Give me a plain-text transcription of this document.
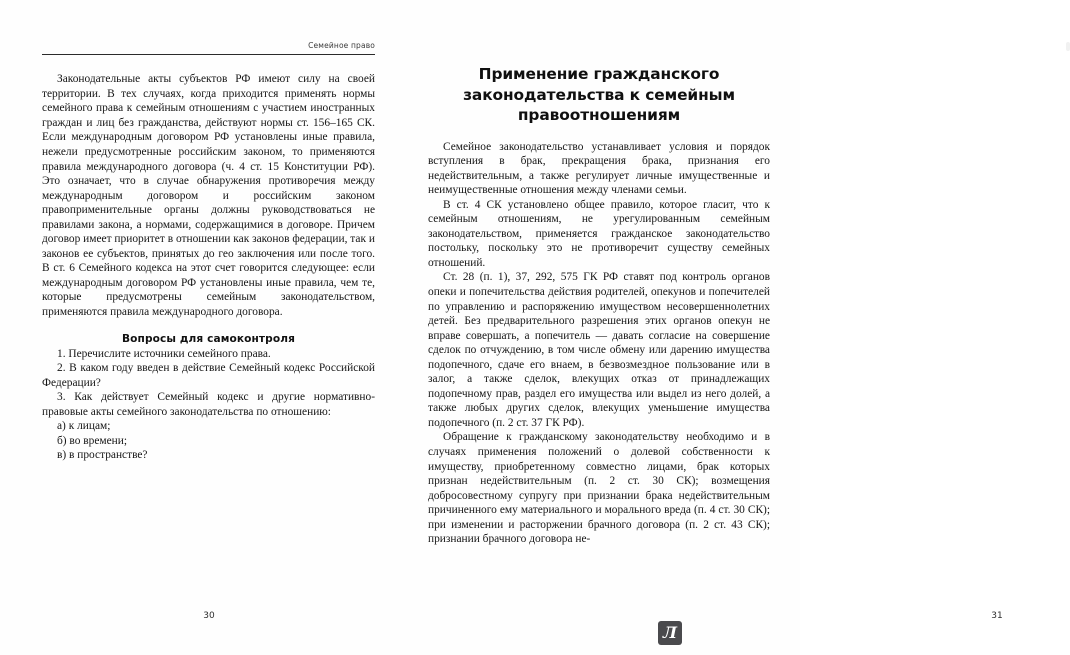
Семейное право

Законодательные акты субъектов РФ имеют силу на своей территории. В тех случаях, когда приходится применять нормы семейного права к семейным отношениям с участием иностранных граждан и лиц без гражданства, действуют нормы ст. 156–165 СК. Если международным договором РФ установлены иные правила, нежели предусмотренные российским законом, то применяются правила международного договора (ч. 4 ст. 15 Конституции РФ). Это означает, что в случае обнаружения противоречия между международным договором и российским законом правоприменительные органы должны руководствоваться не правилами закона, а нормами, содержащимися в договоре. Причем договор имеет приоритет в отношении как законов федерации, так и законов ее субъектов, принятых до гео заключения или после того. В ст. 6 Семейного кодекса на этот счет говорится следующее: если международным договором РФ установлены иные правила, чем те, которые предусмотрены семейным законодательством, применяются правила международного договора.

Вопросы для самоконтроля

1. Перечислите источники семейного права.

2. В каком году введен в действие Семейный кодекс Российской Федерации?

3. Как действует Семейный кодекс и другие нормативно-правовые акты семейного законодательства по отношению:

а) к лицам;

б) во времени;

в) в пространстве?

30
Применение гражданского
законодательства к семейным
правоотношениям

Семейное законодательство устанавливает условия и порядок вступления в брак, прекращения брака, признания его недействительным, а также регулирует личные имущественные и неимущественные отношения между членами семьи.

В ст. 4 СК установлено общее правило, которое гласит, что к семейным отношениям, не урегулированным семейным законодательством, применяется гражданское законодательство постольку, поскольку это не противоречит существу семейных отношений.

Ст. 28 (п. 1), 37, 292, 575 ГК РФ ставят под контроль органов опеки и попечительства действия родителей, опекунов и попечителей по управлению и распоряжению имуществом несовершеннолетних детей. Без предварительного разрешения этих органов опекун не вправе совершать, а попечитель — давать согласие на совершение сделок по отчуждению, в том числе обмену или дарению имущества подопечного, сдаче его внаем, в безвозмездное пользование или в залог, а также сделок, влекущих отказ от принадлежащих подопечному прав, раздел его имущества или выдел из него долей, а также любых других сделок, влекущих уменьшение имущества подопечного (п. 2 ст. 37 ГК РФ).

Обращение к гражданскому законодательству необходимо и в случаях применения положений о долевой собственности к имуществу, приобретенному совместно лицами, брак которых признан недействительным (п. 2 ст. 30 СК); возмещения добросовестному супругу при признании брака недействительным причиненного ему материального и морального вреда (п. 4 ст. 30 СК); при изменении и расторжении брачного договора (п. 2 ст. 43 СК); признании брачного договора не-

31
Л
